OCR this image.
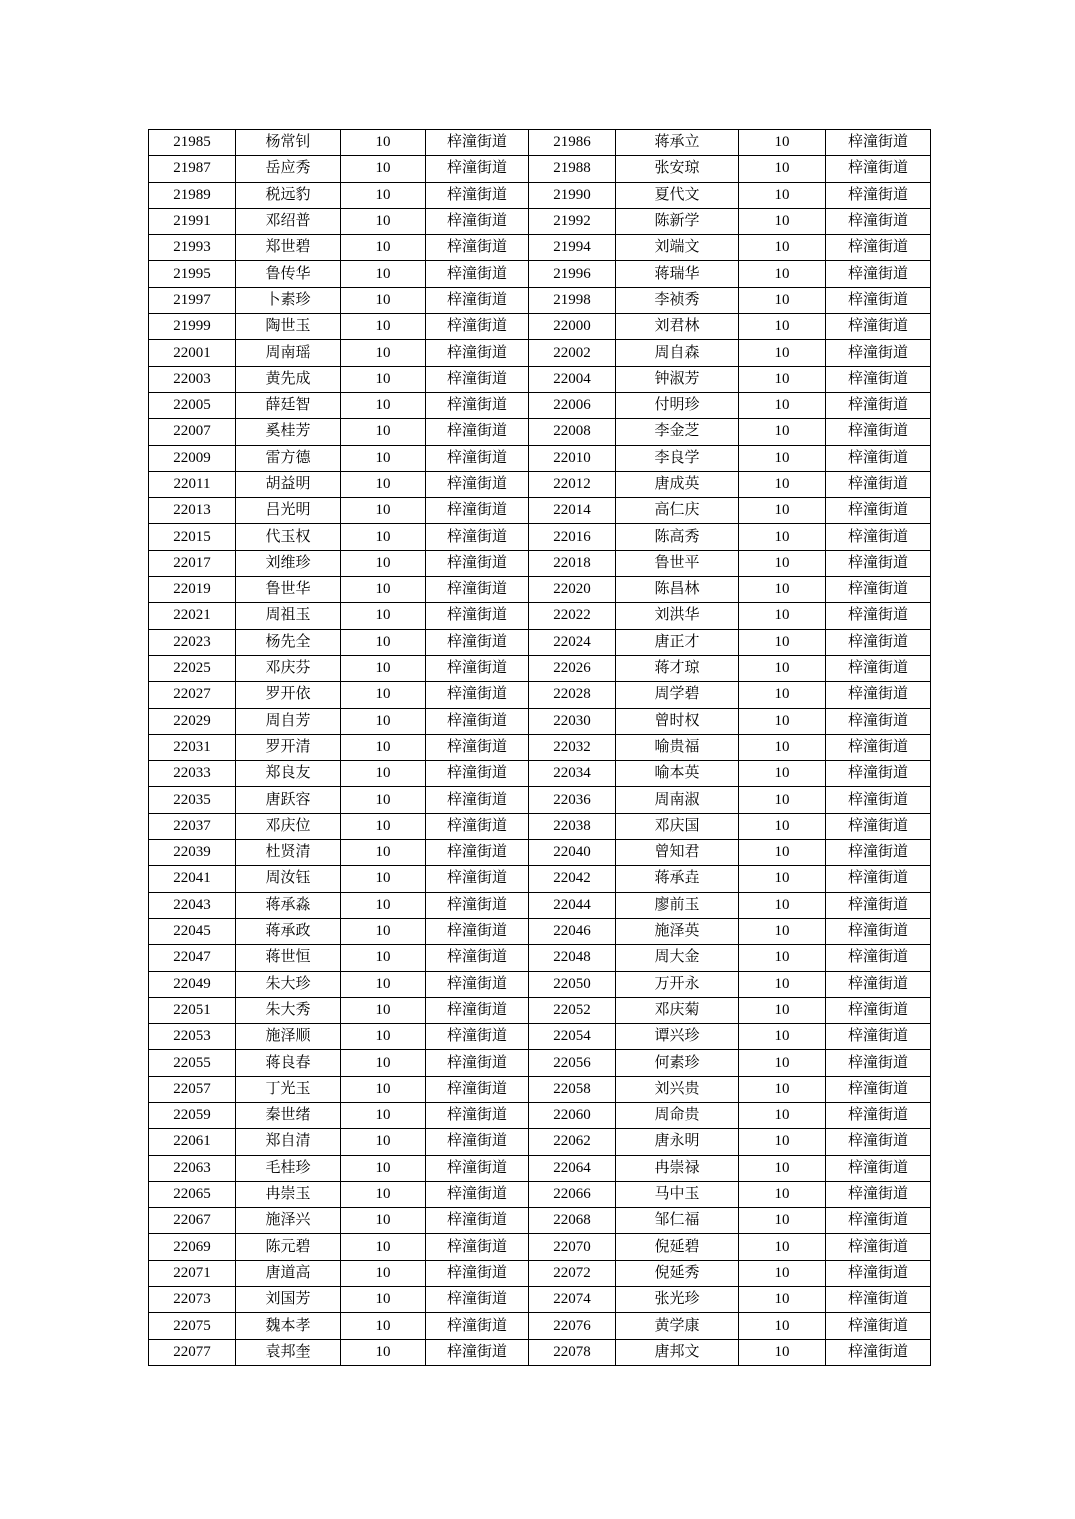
21985	杨常钊	10	梓潼街道	21986	蒋承立	10	梓潼街道
21987	岳应秀	10	梓潼街道	21988	张安琼	10	梓潼街道
21989	税远豹	10	梓潼街道	21990	夏代文	10	梓潼街道
21991	邓绍普	10	梓潼街道	21992	陈新学	10	梓潼街道
21993	郑世碧	10	梓潼街道	21994	刘端文	10	梓潼街道
21995	鲁传华	10	梓潼街道	21996	蒋瑞华	10	梓潼街道
21997	卜素珍	10	梓潼街道	21998	李祯秀	10	梓潼街道
21999	陶世玉	10	梓潼街道	22000	刘君林	10	梓潼街道
22001	周南瑶	10	梓潼街道	22002	周自森	10	梓潼街道
22003	黄先成	10	梓潼街道	22004	钟淑芳	10	梓潼街道
22005	薛廷智	10	梓潼街道	22006	付明珍	10	梓潼街道
22007	奚桂芳	10	梓潼街道	22008	李金芝	10	梓潼街道
22009	雷方德	10	梓潼街道	22010	李良学	10	梓潼街道
22011	胡益明	10	梓潼街道	22012	唐成英	10	梓潼街道
22013	吕光明	10	梓潼街道	22014	高仁庆	10	梓潼街道
22015	代玉权	10	梓潼街道	22016	陈高秀	10	梓潼街道
22017	刘维珍	10	梓潼街道	22018	鲁世平	10	梓潼街道
22019	鲁世华	10	梓潼街道	22020	陈昌林	10	梓潼街道
22021	周祖玉	10	梓潼街道	22022	刘洪华	10	梓潼街道
22023	杨先全	10	梓潼街道	22024	唐正才	10	梓潼街道
22025	邓庆芬	10	梓潼街道	22026	蒋才琼	10	梓潼街道
22027	罗开依	10	梓潼街道	22028	周学碧	10	梓潼街道
22029	周自芳	10	梓潼街道	22030	曾时权	10	梓潼街道
22031	罗开清	10	梓潼街道	22032	喻贵福	10	梓潼街道
22033	郑良友	10	梓潼街道	22034	喻本英	10	梓潼街道
22035	唐跃容	10	梓潼街道	22036	周南淑	10	梓潼街道
22037	邓庆位	10	梓潼街道	22038	邓庆国	10	梓潼街道
22039	杜贤清	10	梓潼街道	22040	曾知君	10	梓潼街道
22041	周汝钰	10	梓潼街道	22042	蒋承垚	10	梓潼街道
22043	蒋承淼	10	梓潼街道	22044	廖前玉	10	梓潼街道
22045	蒋承政	10	梓潼街道	22046	施泽英	10	梓潼街道
22047	蒋世恒	10	梓潼街道	22048	周大金	10	梓潼街道
22049	朱大珍	10	梓潼街道	22050	万开永	10	梓潼街道
22051	朱大秀	10	梓潼街道	22052	邓庆菊	10	梓潼街道
22053	施泽顺	10	梓潼街道	22054	谭兴珍	10	梓潼街道
22055	蒋良春	10	梓潼街道	22056	何素珍	10	梓潼街道
22057	丁光玉	10	梓潼街道	22058	刘兴贵	10	梓潼街道
22059	秦世绪	10	梓潼街道	22060	周命贵	10	梓潼街道
22061	郑自清	10	梓潼街道	22062	唐永明	10	梓潼街道
22063	毛桂珍	10	梓潼街道	22064	冉崇禄	10	梓潼街道
22065	冉崇玉	10	梓潼街道	22066	马中玉	10	梓潼街道
22067	施泽兴	10	梓潼街道	22068	邹仁福	10	梓潼街道
22069	陈元碧	10	梓潼街道	22070	倪延碧	10	梓潼街道
22071	唐道高	10	梓潼街道	22072	倪延秀	10	梓潼街道
22073	刘国芳	10	梓潼街道	22074	张光珍	10	梓潼街道
22075	魏本孝	10	梓潼街道	22076	黄学康	10	梓潼街道
22077	袁邦奎	10	梓潼街道	22078	唐邦文	10	梓潼街道
